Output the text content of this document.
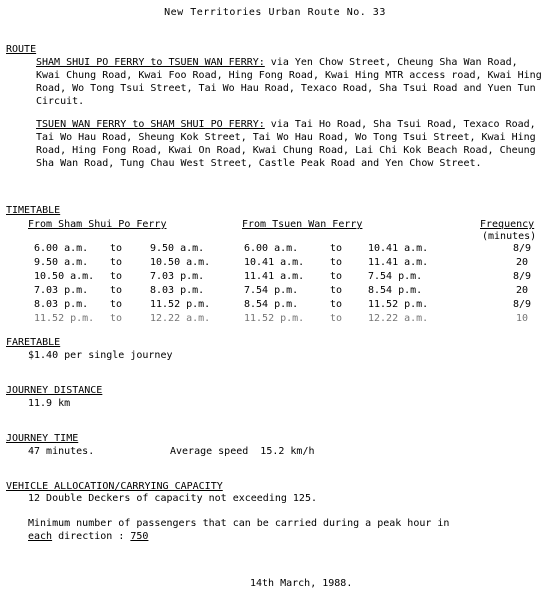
New Territories Urban Route No. 33
ROUTE
SHAM SHUI PO FERRY to TSUEN WAN FERRY: via Yen Chow Street, Cheung Sha Wan Road, Kwai Chung Road, Kwai Foo Road, Hing Fong Road, Kwai Hing MTR access road, Kwai Hing Road, Wo Tong Tsui Street, Tai Wo Hau Road, Texaco Road, Sha Tsui Road and Yuen Tun Circuit.
TSUEN WAN FERRY to SHAM SHUI PO FERRY: via Tai Ho Road, Sha Tsui Road, Texaco Road, Tai Wo Hau Road, Sheung Kok Street, Tai Wo Hau Road, Wo Tong Tsui Street, Kwai Hing Road, Hing Fong Road, Kwai On Road, Kwai Chung Road, Lai Chi Kok Beach Road, Cheung Sha Wan Road, Tung Chau West Street, Castle Peak Road and Yen Chow Street.
TIMETABLE
From Sham Shui Po Ferry	From Tsuen Wan Ferry	Frequency
(minutes)
6.00 a.m. to	9.50 a.m.	6.00 a.m.	to	10.41 a.m.	8/9
9.50 a.m. to	10.50 a.m.	10.41 a.m.	to	11.41 a.m.	20
10.50 a.m. to	7.03 p.m.	11.41 a.m.	to	7.54 p.m.	8/9
7.03 p.m. to	8.03 p.m.	7.54 p.m.	to	8.54 p.m.	20
8.03 p.m. to	11.52 p.m.	8.54 p.m.	to	11.52 p.m.	8/9
11.52 p.m. to	12.22 a.m.	11.52 p.m.	to	12.22 a.m.	10
FARETABLE
$1.40 per single journey
JOURNEY DISTANCE
11.9 km
JOURNEY TIME
47 minutes.	Average speed  15.2 km/h
VEHICLE ALLOCATION/CARRYING CAPACITY
12 Double Deckers of capacity not exceeding 125.
Minimum number of passengers that can be carried during a peak hour in
each direction : 750
14th March, 1988.
